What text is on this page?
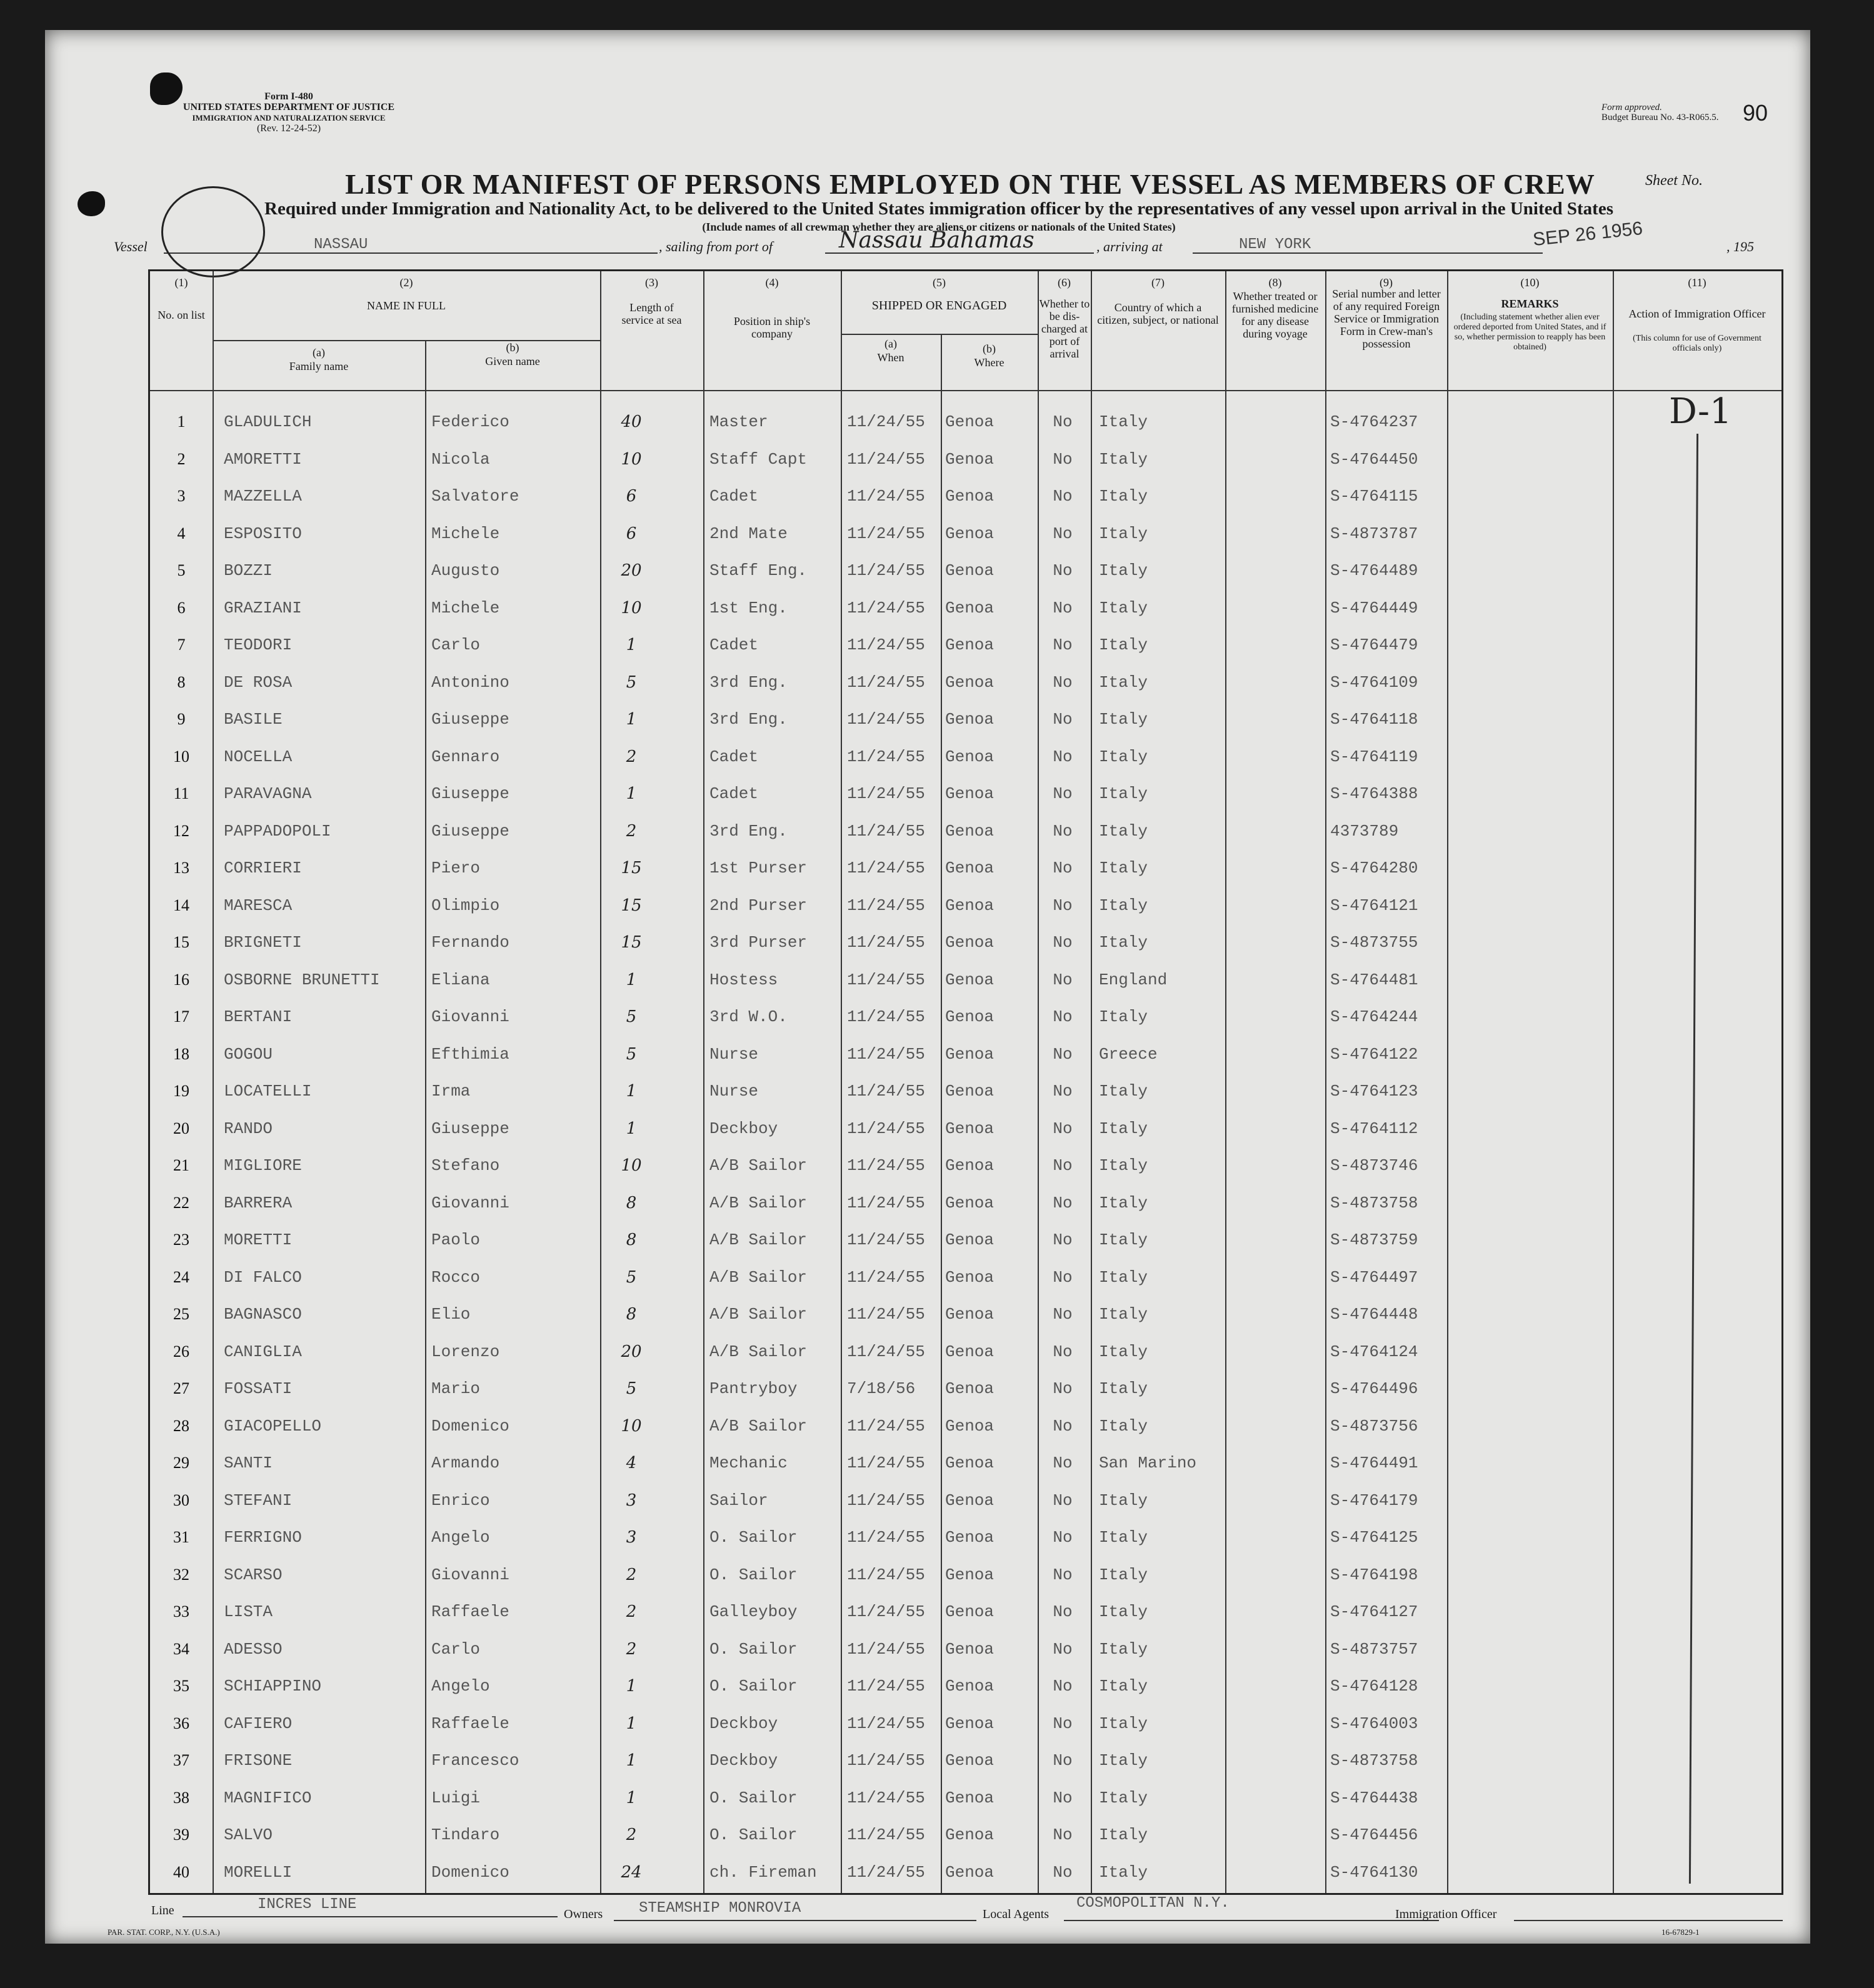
Form I-480
UNITED STATES DEPARTMENT OF JUSTICE
IMMIGRATION AND NATURALIZATION SERVICE
(Rev. 12-24-52)
Form approved.
Budget Bureau No. 43-R065.5. 90
LIST OR MANIFEST OF PERSONS EMPLOYED ON THE VESSEL AS MEMBERS OF CREW	Sheet No.
Required under Immigration and Nationality Act, to be delivered to the United States immigration officer by the representatives of any vessel upon arrival in the United States
(Include names of all crewman whether they are aliens or citizens or nationals of the United States)
Vessel	NASSAU	, sailing from port of	Nassau Bahamas	, arriving at	NEW YORK	SEP 26 1956	, 195
(1)	(2)	(3)	(4)	(5)	(6)	(7)	(8)	(9)	(10)	(11)
No. on list
NAME IN FULL
(a)
Family name
(b)
Given name
Length of service at sea	Position in ship's company
SHIPPED OR ENGAGED
(a)
When
(b)
Where
Whether to be dis-charged at port of arrival
Country of which a citizen, subject, or national
Whether treated or furnished medicine for any disease during voyage
Serial number and letter of any required Foreign Service or Immigration Form in Crew-man's possession
REMARKS
(Including statement whether alien ever ordered deported from United States, and if so, whether permission to reapply has been obtained)
Action of Immigration Officer
(This column for use of Government officials only)
1	GLADULICH	Federico	40	Master	11/24/55	Genoa	No	Italy	S-4764237
2	AMORETTI	Nicola	10	Staff Capt	11/24/55	Genoa	No	Italy	S-4764450
3	MAZZELLA	Salvatore	6	Cadet	11/24/55	Genoa	No	Italy	S-4764115
4	ESPOSITO	Michele	6	2nd Mate	11/24/55	Genoa	No	Italy	S-4873787
5	BOZZI	Augusto	20	Staff Eng.	11/24/55	Genoa	No	Italy	S-4764489
6	GRAZIANI	Michele	10	1st Eng.	11/24/55	Genoa	No	Italy	S-4764449
7	TEODORI	Carlo	1	Cadet	11/24/55	Genoa	No	Italy	S-4764479
8	DE ROSA	Antonino	5	3rd Eng.	11/24/55	Genoa	No	Italy	S-4764109
9	BASILE	Giuseppe	1	3rd Eng.	11/24/55	Genoa	No	Italy	S-4764118
10	NOCELLA	Gennaro	2	Cadet	11/24/55	Genoa	No	Italy	S-4764119
11	PARAVAGNA	Giuseppe	1	Cadet	11/24/55	Genoa	No	Italy	S-4764388
12	PAPPADOPOLI	Giuseppe	2	3rd Eng.	11/24/55	Genoa	No	Italy	4373789
13	CORRIERI	Piero	15	1st Purser	11/24/55	Genoa	No	Italy	S-4764280
14	MARESCA	Olimpio	15	2nd Purser	11/24/55	Genoa	No	Italy	S-4764121
15	BRIGNETI	Fernando	15	3rd Purser	11/24/55	Genoa	No	Italy	S-4873755
16	OSBORNE BRUNETTI	Eliana	1	Hostess	11/24/55	Genoa	No	England	S-4764481
17	BERTANI	Giovanni	5	3rd W.O.	11/24/55	Genoa	No	Italy	S-4764244
18	GOGOU	Efthimia	5	Nurse	11/24/55	Genoa	No	Greece	S-4764122
19	LOCATELLI	Irma	1	Nurse	11/24/55	Genoa	No	Italy	S-4764123
20	RANDO	Giuseppe	1	Deckboy	11/24/55	Genoa	No	Italy	S-4764112
21	MIGLIORE	Stefano	10	A/B Sailor	11/24/55	Genoa	No	Italy	S-4873746
22	BARRERA	Giovanni	8	A/B Sailor	11/24/55	Genoa	No	Italy	S-4873758
23	MORETTI	Paolo	8	A/B Sailor	11/24/55	Genoa	No	Italy	S-4873759
24	DI FALCO	Rocco	5	A/B Sailor	11/24/55	Genoa	No	Italy	S-4764497
25	BAGNASCO	Elio	8	A/B Sailor	11/24/55	Genoa	No	Italy	S-4764448
26	CANIGLIA	Lorenzo	20	A/B Sailor	11/24/55	Genoa	No	Italy	S-4764124
27	FOSSATI	Mario	5	Pantryboy	7/18/56	Genoa	No	Italy	S-4764496
28	GIACOPELLO	Domenico	10	A/B Sailor	11/24/55	Genoa	No	Italy	S-4873756
29	SANTI	Armando	4	Mechanic	11/24/55	Genoa	No	San Marino	S-4764491
30	STEFANI	Enrico	3	Sailor	11/24/55	Genoa	No	Italy	S-4764179
31	FERRIGNO	Angelo	3	O. Sailor	11/24/55	Genoa	No	Italy	S-4764125
32	SCARSO	Giovanni	2	O. Sailor	11/24/55	Genoa	No	Italy	S-4764198
33	LISTA	Raffaele	2	Galleyboy	11/24/55	Genoa	No	Italy	S-4764127
34	ADESSO	Carlo	2	O. Sailor	11/24/55	Genoa	No	Italy	S-4873757
35	SCHIAPPINO	Angelo	1	O. Sailor	11/24/55	Genoa	No	Italy	S-4764128
36	CAFIERO	Raffaele	1	Deckboy	11/24/55	Genoa	No	Italy	S-4764003
37	FRISONE	Francesco	1	Deckboy	11/24/55	Genoa	No	Italy	S-4873758
38	MAGNIFICO	Luigi	1	O. Sailor	11/24/55	Genoa	No	Italy	S-4764438
39	SALVO	Tindaro	2	O. Sailor	11/24/55	Genoa	No	Italy	S-4764456
40	MORELLI	Domenico	24	ch. Fireman	11/24/55	Genoa	No	Italy	S-4764130
D-1
Line	INCRES LINE
Owners STEAMSHIP MONROVIA	Local Agents
COSMOPOLITAN N.Y.
Immigration Officer
PAR. STAT. CORP., N.Y. (U.S.A.)	16-67829-1
